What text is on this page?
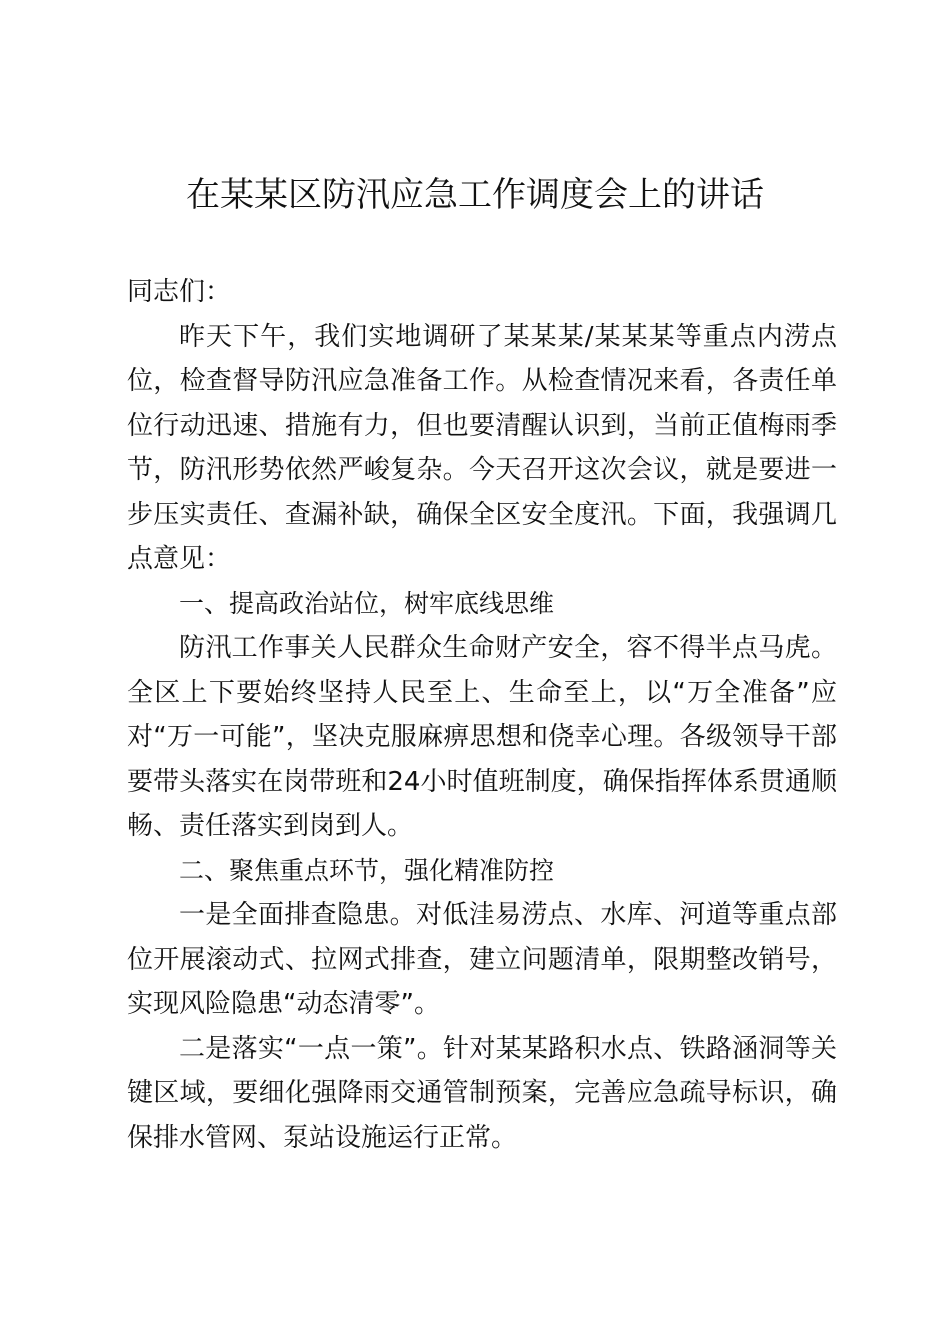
在某某区防汛应急工作调度会上的讲话

同志们：

昨天下午，我们实地调研了某某某/某某某等重点内涝点位，检查督导防汛应急准备工作。从检查情况来看，各责任单位行动迅速、措施有力，但也要清醒认识到，当前正值梅雨季节，防汛形势依然严峻复杂。今天召开这次会议，就是要进一步压实责任、查漏补缺，确保全区安全度汛。下面，我强调几点意见：

一、提高政治站位，树牢底线思维

防汛工作事关人民群众生命财产安全，容不得半点马虎。全区上下要始终坚持人民至上、生命至上，以“万全准备”应对“万一可能”，坚决克服麻痹思想和侥幸心理。各级领导干部要带头落实在岗带班和24小时值班制度，确保指挥体系贯通顺畅、责任落实到岗到人。

二、聚焦重点环节，强化精准防控

一是全面排查隐患。对低洼易涝点、水库、河道等重点部位开展滚动式、拉网式排查，建立问题清单，限期整改销号，实现风险隐患“动态清零”。

二是落实“一点一策”。针对某某路积水点、铁路涵洞等关键区域，要细化强降雨交通管制预案，完善应急疏导标识，确保排水管网、泵站设施运行正常。
